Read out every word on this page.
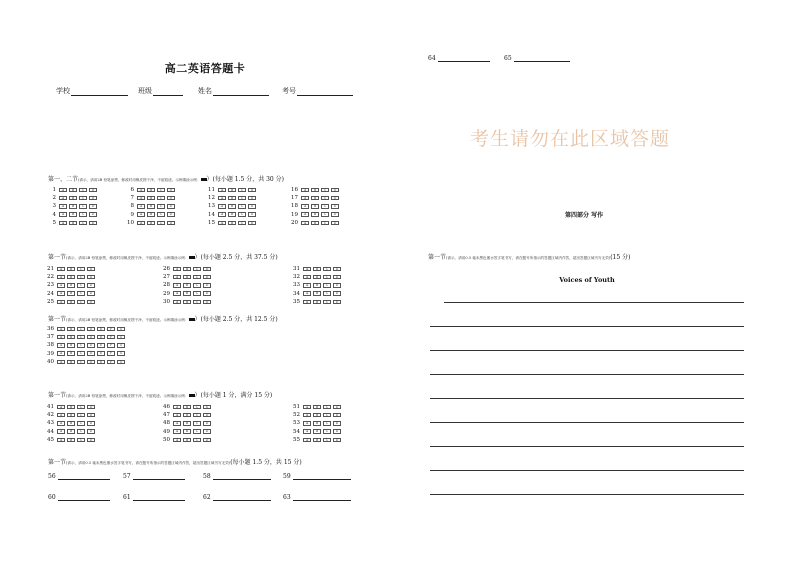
高二英语答题卡
学校	班级	姓名	考号
第一、二节(请示、请用2B 铅笔涂黑，修改时用橡皮擦干净，不留痕迹。示例填涂示例： ）(每小题 1.5 分，共 30 分)
第一节(请示、请用2B 铅笔涂黑，修改时用橡皮擦干净，不留痕迹。示例填涂示例： ）(每小题 2.5 分，共 37.5 分)
第一节(请示、请用2B 铅笔涂黑，修改时用橡皮擦干净，不留痕迹。示例填涂示例： ）(每小题 2.5 分，共 12.5 分)
第一节(请示、请用2B 铅笔涂黑，修改时用橡皮擦干净，不留痕迹。示例填涂示例： ）(每小题 1 分，满分 15 分)
第一节(请示、请用0.5 毫米黑色墨水签字笔书写，请在题号所指示的答题区域内作答，超出答题区域书写无效)(每小题 1.5 分，共 15 分)
1	A	B	C	D	6	A	B	C	D	11	A	B	C	D	16	A	B	C	D
2	A	B	C	D	7	A	B	C	D	12	A	B	C	D	17	A	B	C	D
3	A	B	C	D	8	A	B	C	D	13	A	B	C	D	18	A	B	C	D
4	A	B	C	D	9	A	B	C	D	14	A	B	C	D	19	A	B	C	D
5	A	B	C	D	10	A	B	C	D	15	A	B	C	D	20	A	B	C	D
21	A	B	C	D	26	A	B	C	D	31	A	B	C	D
22	A	B	C	D	27	A	B	C	D	32	A	B	C	D
23	A	B	C	D	28	A	B	C	D	33	A	B	C	D
24	A	B	C	D	29	A	B	C	D	34	A	B	C	D
25	A	B	C	D	30	A	B	C	D	35	A	B	C	D
36	A	B	C	D	E	F	G
37	A	B	C	D	E	F	G
38	A	B	C	D	E	F	G
39	A	B	C	D	E	F	G
40	A	B	C	D	E	F	G
41	A	B	C	D	46	A	B	C	D	51	A	B	C	D
42	A	B	C	D	47	A	B	C	D	52	A	B	C	D
43	A	B	C	D	48	A	B	C	D	53	A	B	C	D
44	A	B	C	D	49	A	B	C	D	54	A	B	C	D
45	A	B	C	D	50	A	B	C	D	55	A	B	C	D
56	57	58	59
60	61	62	63
64	65
考生请勿在此区域答题
第四部分 写作
第一节(请示、请用0.5 毫米黑色墨水签字笔书写，请在题号所指示的答题区域内作答，超出答题区域书写无效)(15 分)
Voices of Youth
